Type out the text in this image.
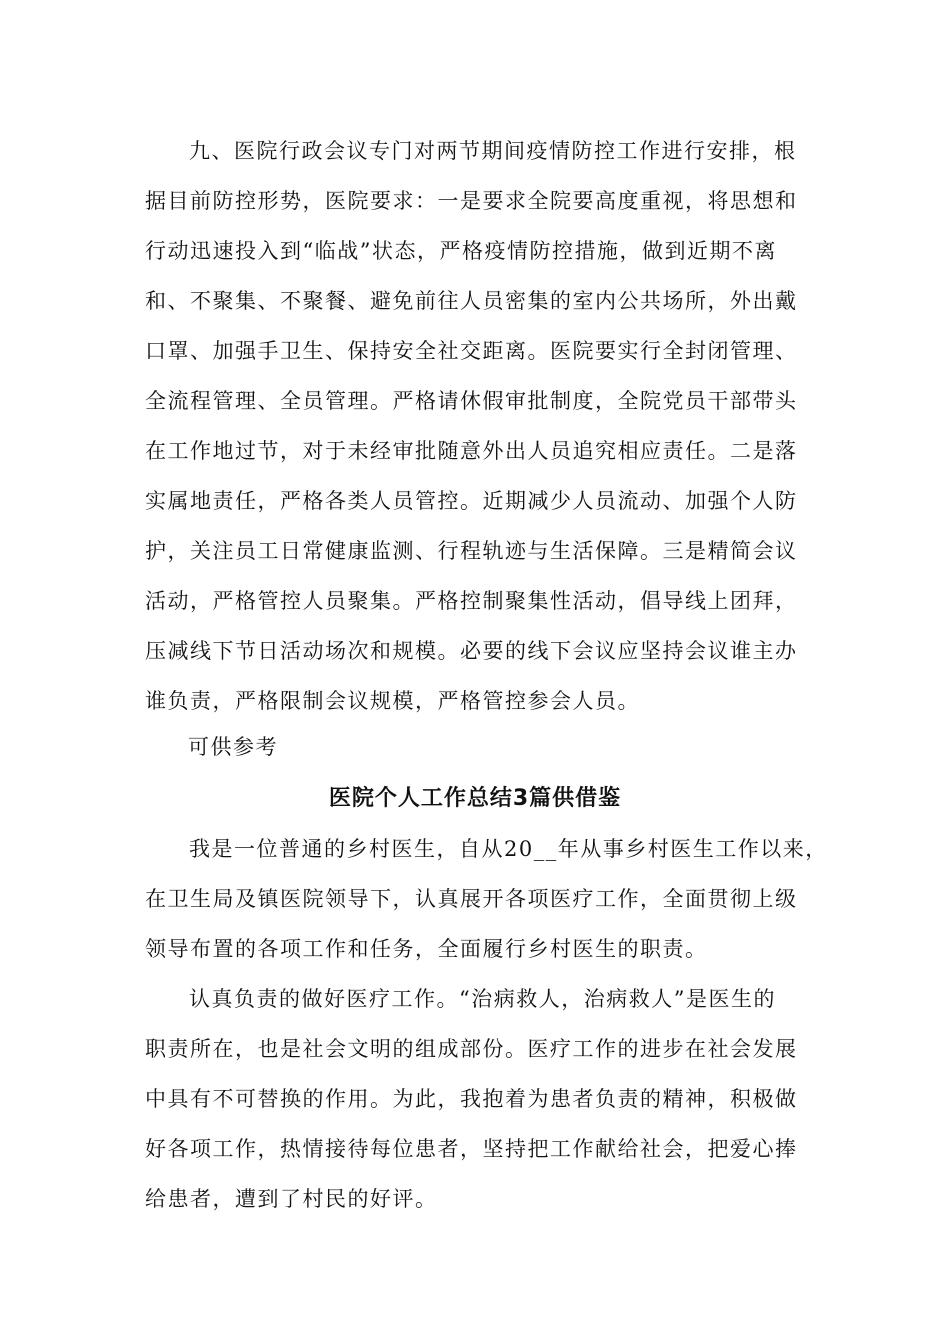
九、医院行政会议专门对两节期间疫情防控工作进行安排，根
据目前防控形势，医院要求：一是要求全院要高度重视，将思想和
行动迅速投入到“临战”状态，严格疫情防控措施，做到近期不离
和、不聚集、不聚餐、避免前往人员密集的室内公共场所，外出戴
口罩、加强手卫生、保持安全社交距离。医院要实行全封闭管理、
全流程管理、全员管理。严格请休假审批制度，全院党员干部带头
在工作地过节，对于未经审批随意外出人员追究相应责任。二是落
实属地责任，严格各类人员管控。近期减少人员流动、加强个人防
护，关注员工日常健康监测、行程轨迹与生活保障。三是精简会议
活动，严格管控人员聚集。严格控制聚集性活动，倡导线上团拜，
压减线下节日活动场次和规模。必要的线下会议应坚持会议谁主办
谁负责，严格限制会议规模，严格管控参会人员。

可供参考

医院个人工作总结3篇供借鉴
我是一位普通的乡村医生，自从20__年从事乡村医生工作以来，
在卫生局及镇医院领导下，认真展开各项医疗工作，全面贯彻上级
领导布置的各项工作和任务，全面履行乡村医生的职责。
认真负责的做好医疗工作。“治病救人，治病救人”是医生的
职责所在，也是社会文明的组成部份。医疗工作的进步在社会发展
中具有不可替换的作用。为此，我抱着为患者负责的精神，积极做
好各项工作，热情接待每位患者，坚持把工作献给社会，把爱心捧
给患者，遭到了村民的好评。
